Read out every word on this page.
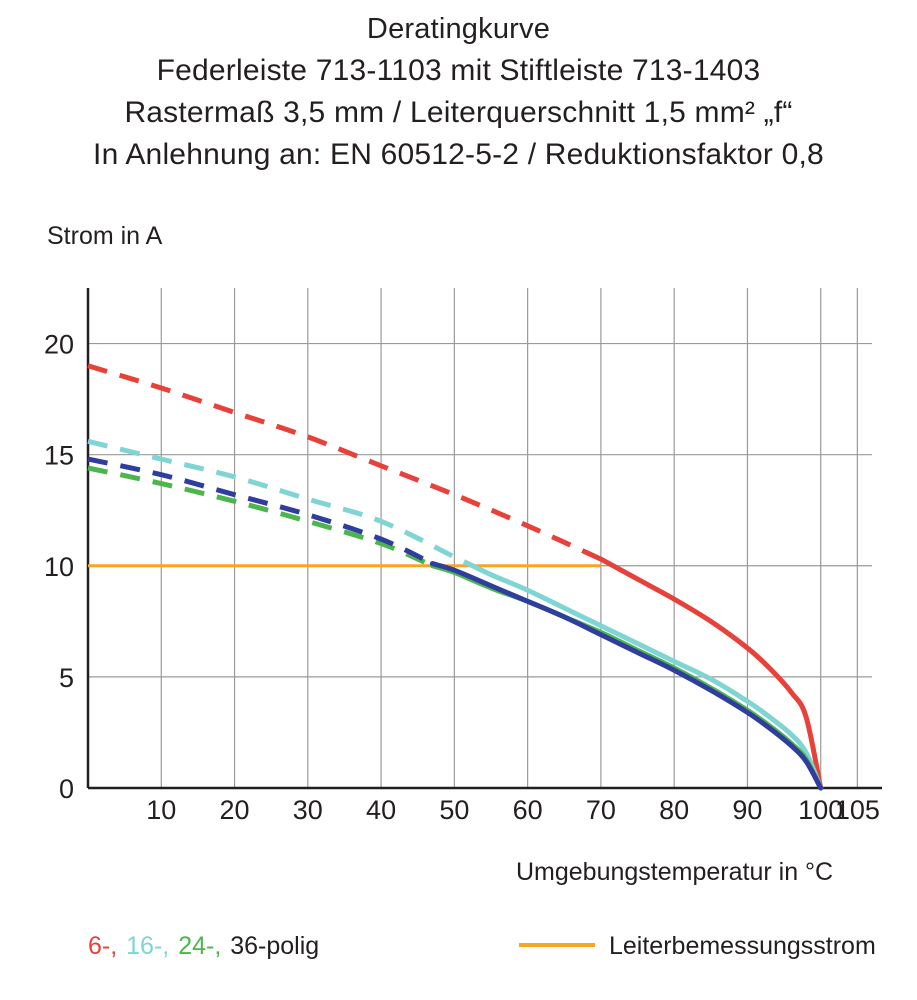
Deratingkurve
Federleiste 713-1103 mit Stiftleiste 713-1403
Rastermaß 3,5 mm / Leiterquerschnitt 1,5 mm² „f“
In Anlehnung an: EN 60512-5-2 / Reduktionsfaktor 0,8
Strom in A
10 20 30 40 50 60 70 80 90 100
105
0
5
10
15
20
Umgebungstemperatur in °C
6-, 16-, 24-, 36-polig	Leiterbemessungsstrom
